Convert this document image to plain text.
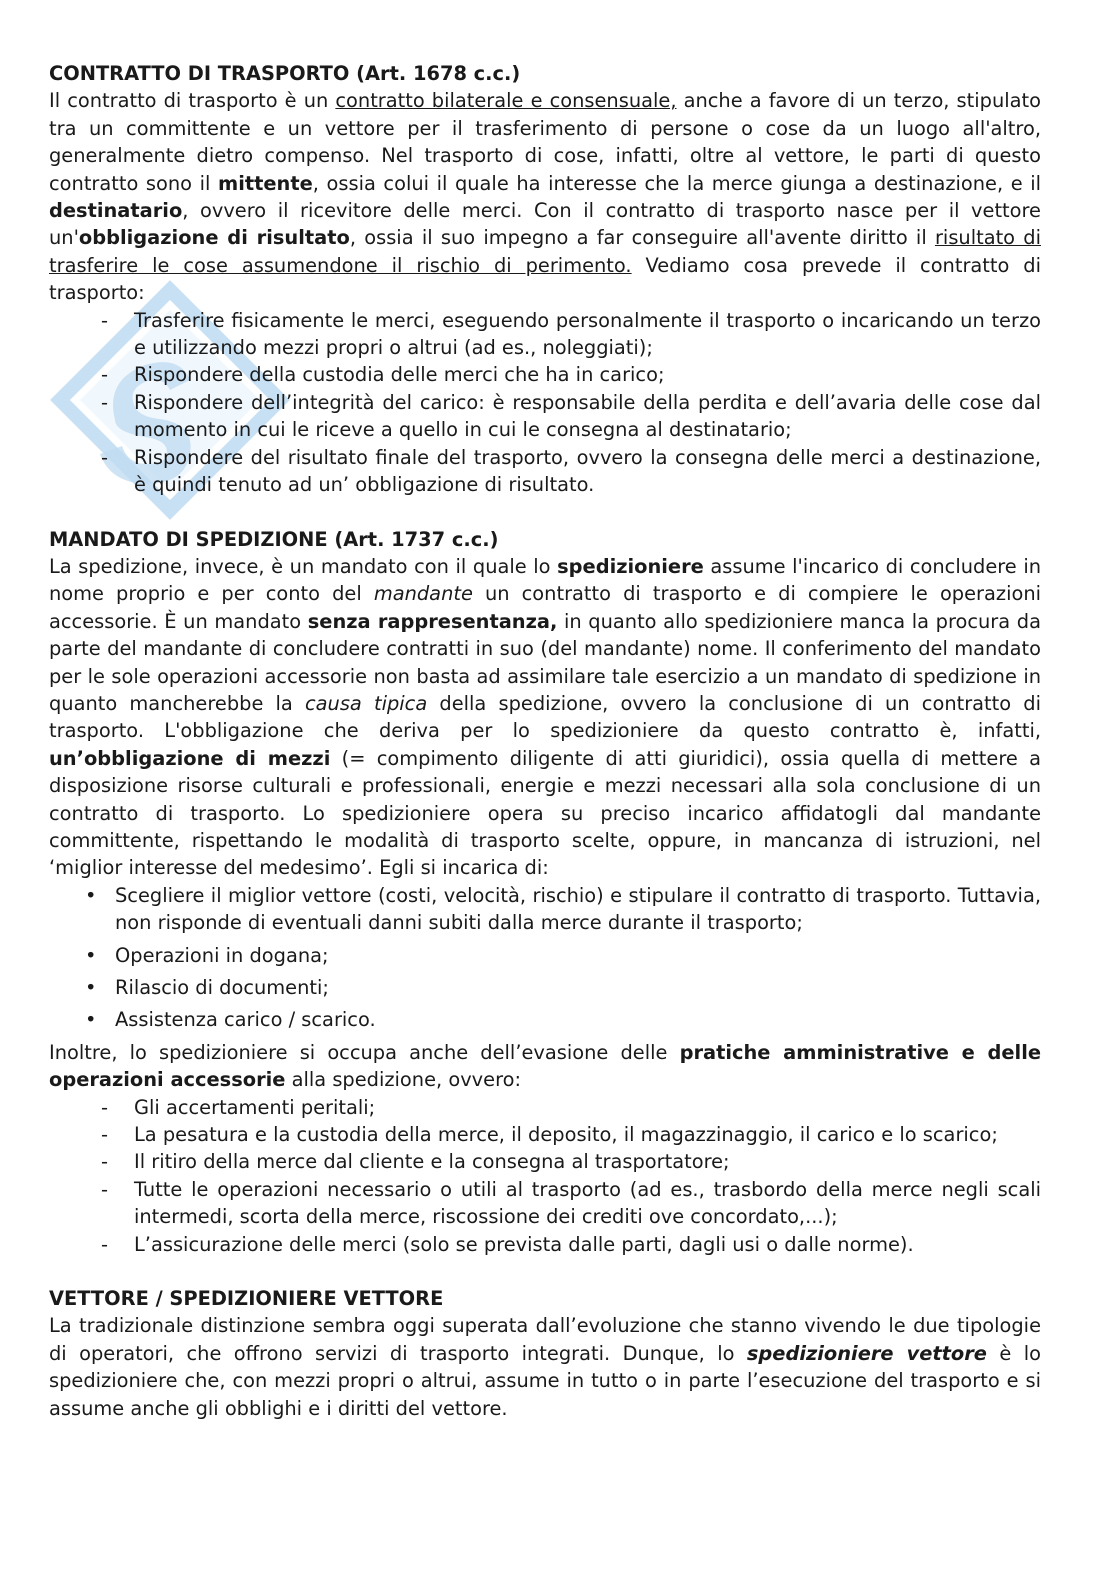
CONTRATTO DI TRASPORTO (Art. 1678 c.c.)

Il contratto di trasporto è un contratto bilaterale e consensuale, anche a favore di un terzo, stipulato tra un committente e un vettore per il trasferimento di persone o cose da un luogo all'altro, generalmente dietro compenso. Nel trasporto di cose, infatti, oltre al vettore, le parti di questo contratto sono il mittente, ossia colui il quale ha interesse che la merce giunga a destinazione, e il destinatario, ovvero il ricevitore delle merci. Con il contratto di trasporto nasce per il vettore un'obbligazione di risultato, ossia il suo impegno a far conseguire all'avente diritto il risultato di trasferire le cose assumendone il rischio di perimento. Vediamo cosa prevede il contratto di trasporto:

- Trasferire fisicamente le merci, eseguendo personalmente il trasporto o incaricando un terzo e utilizzando mezzi propri o altrui (ad es., noleggiati);
- Rispondere della custodia delle merci che ha in carico;
- Rispondere dell’integrità del carico: è responsabile della perdita e dell’avaria delle cose dal momento in cui le riceve a quello in cui le consegna al destinatario;
- Rispondere del risultato finale del trasporto, ovvero la consegna delle merci a destinazione, è quindi tenuto ad un’ obbligazione di risultato.
MANDATO DI SPEDIZIONE (Art. 1737 c.c.)

La spedizione, invece, è un mandato con il quale lo spedizioniere assume l'incarico di concludere in nome proprio e per conto del mandante un contratto di trasporto e di compiere le operazioni accessorie. È un mandato senza rappresentanza, in quanto allo spedizioniere manca la procura da parte del mandante di concludere contratti in suo (del mandante) nome. Il conferimento del mandato per le sole operazioni accessorie non basta ad assimilare tale esercizio a un mandato di spedizione in quanto mancherebbe la causa tipica della spedizione, ovvero la conclusione di un contratto di trasporto. L'obbligazione che deriva per lo spedizioniere da questo contratto è, infatti, un’obbligazione di mezzi (= compimento diligente di atti giuridici), ossia quella di mettere a disposizione risorse culturali e professionali, energie e mezzi necessari alla sola conclusione di un contratto di trasporto. Lo spedizioniere opera su preciso incarico affidatogli dal mandante committente, rispettando le modalità di trasporto scelte, oppure, in mancanza di istruzioni, nel ‘miglior interesse del medesimo’. Egli si incarica di:

• Scegliere il miglior vettore (costi, velocità, rischio) e stipulare il contratto di trasporto. Tuttavia, non risponde di eventuali danni subiti dalla merce durante il trasporto;
• Operazioni in dogana;
• Rilascio di documenti;
• Assistenza carico / scarico.

Inoltre, lo spedizioniere si occupa anche dell’evasione delle pratiche amministrative e delle operazioni accessorie alla spedizione, ovvero:

- Gli accertamenti peritali;
- La pesatura e la custodia della merce, il deposito, il magazzinaggio, il carico e lo scarico;
- Il ritiro della merce dal cliente e la consegna al trasportatore;
- Tutte le operazioni necessario o utili al trasporto (ad es., trasbordo della merce negli scali intermedi, scorta della merce, riscossione dei crediti ove concordato,...);
- L’assicurazione delle merci (solo se prevista dalle parti, dagli usi o dalle norme).
VETTORE / SPEDIZIONIERE VETTORE

La tradizionale distinzione sembra oggi superata dall’evoluzione che stanno vivendo le due tipologie di operatori, che offrono servizi di trasporto integrati. Dunque, lo spedizioniere vettore è lo spedizioniere che, con mezzi propri o altrui, assume in tutto o in parte l’esecuzione del trasporto e si assume anche gli obblighi e i diritti del vettore.
